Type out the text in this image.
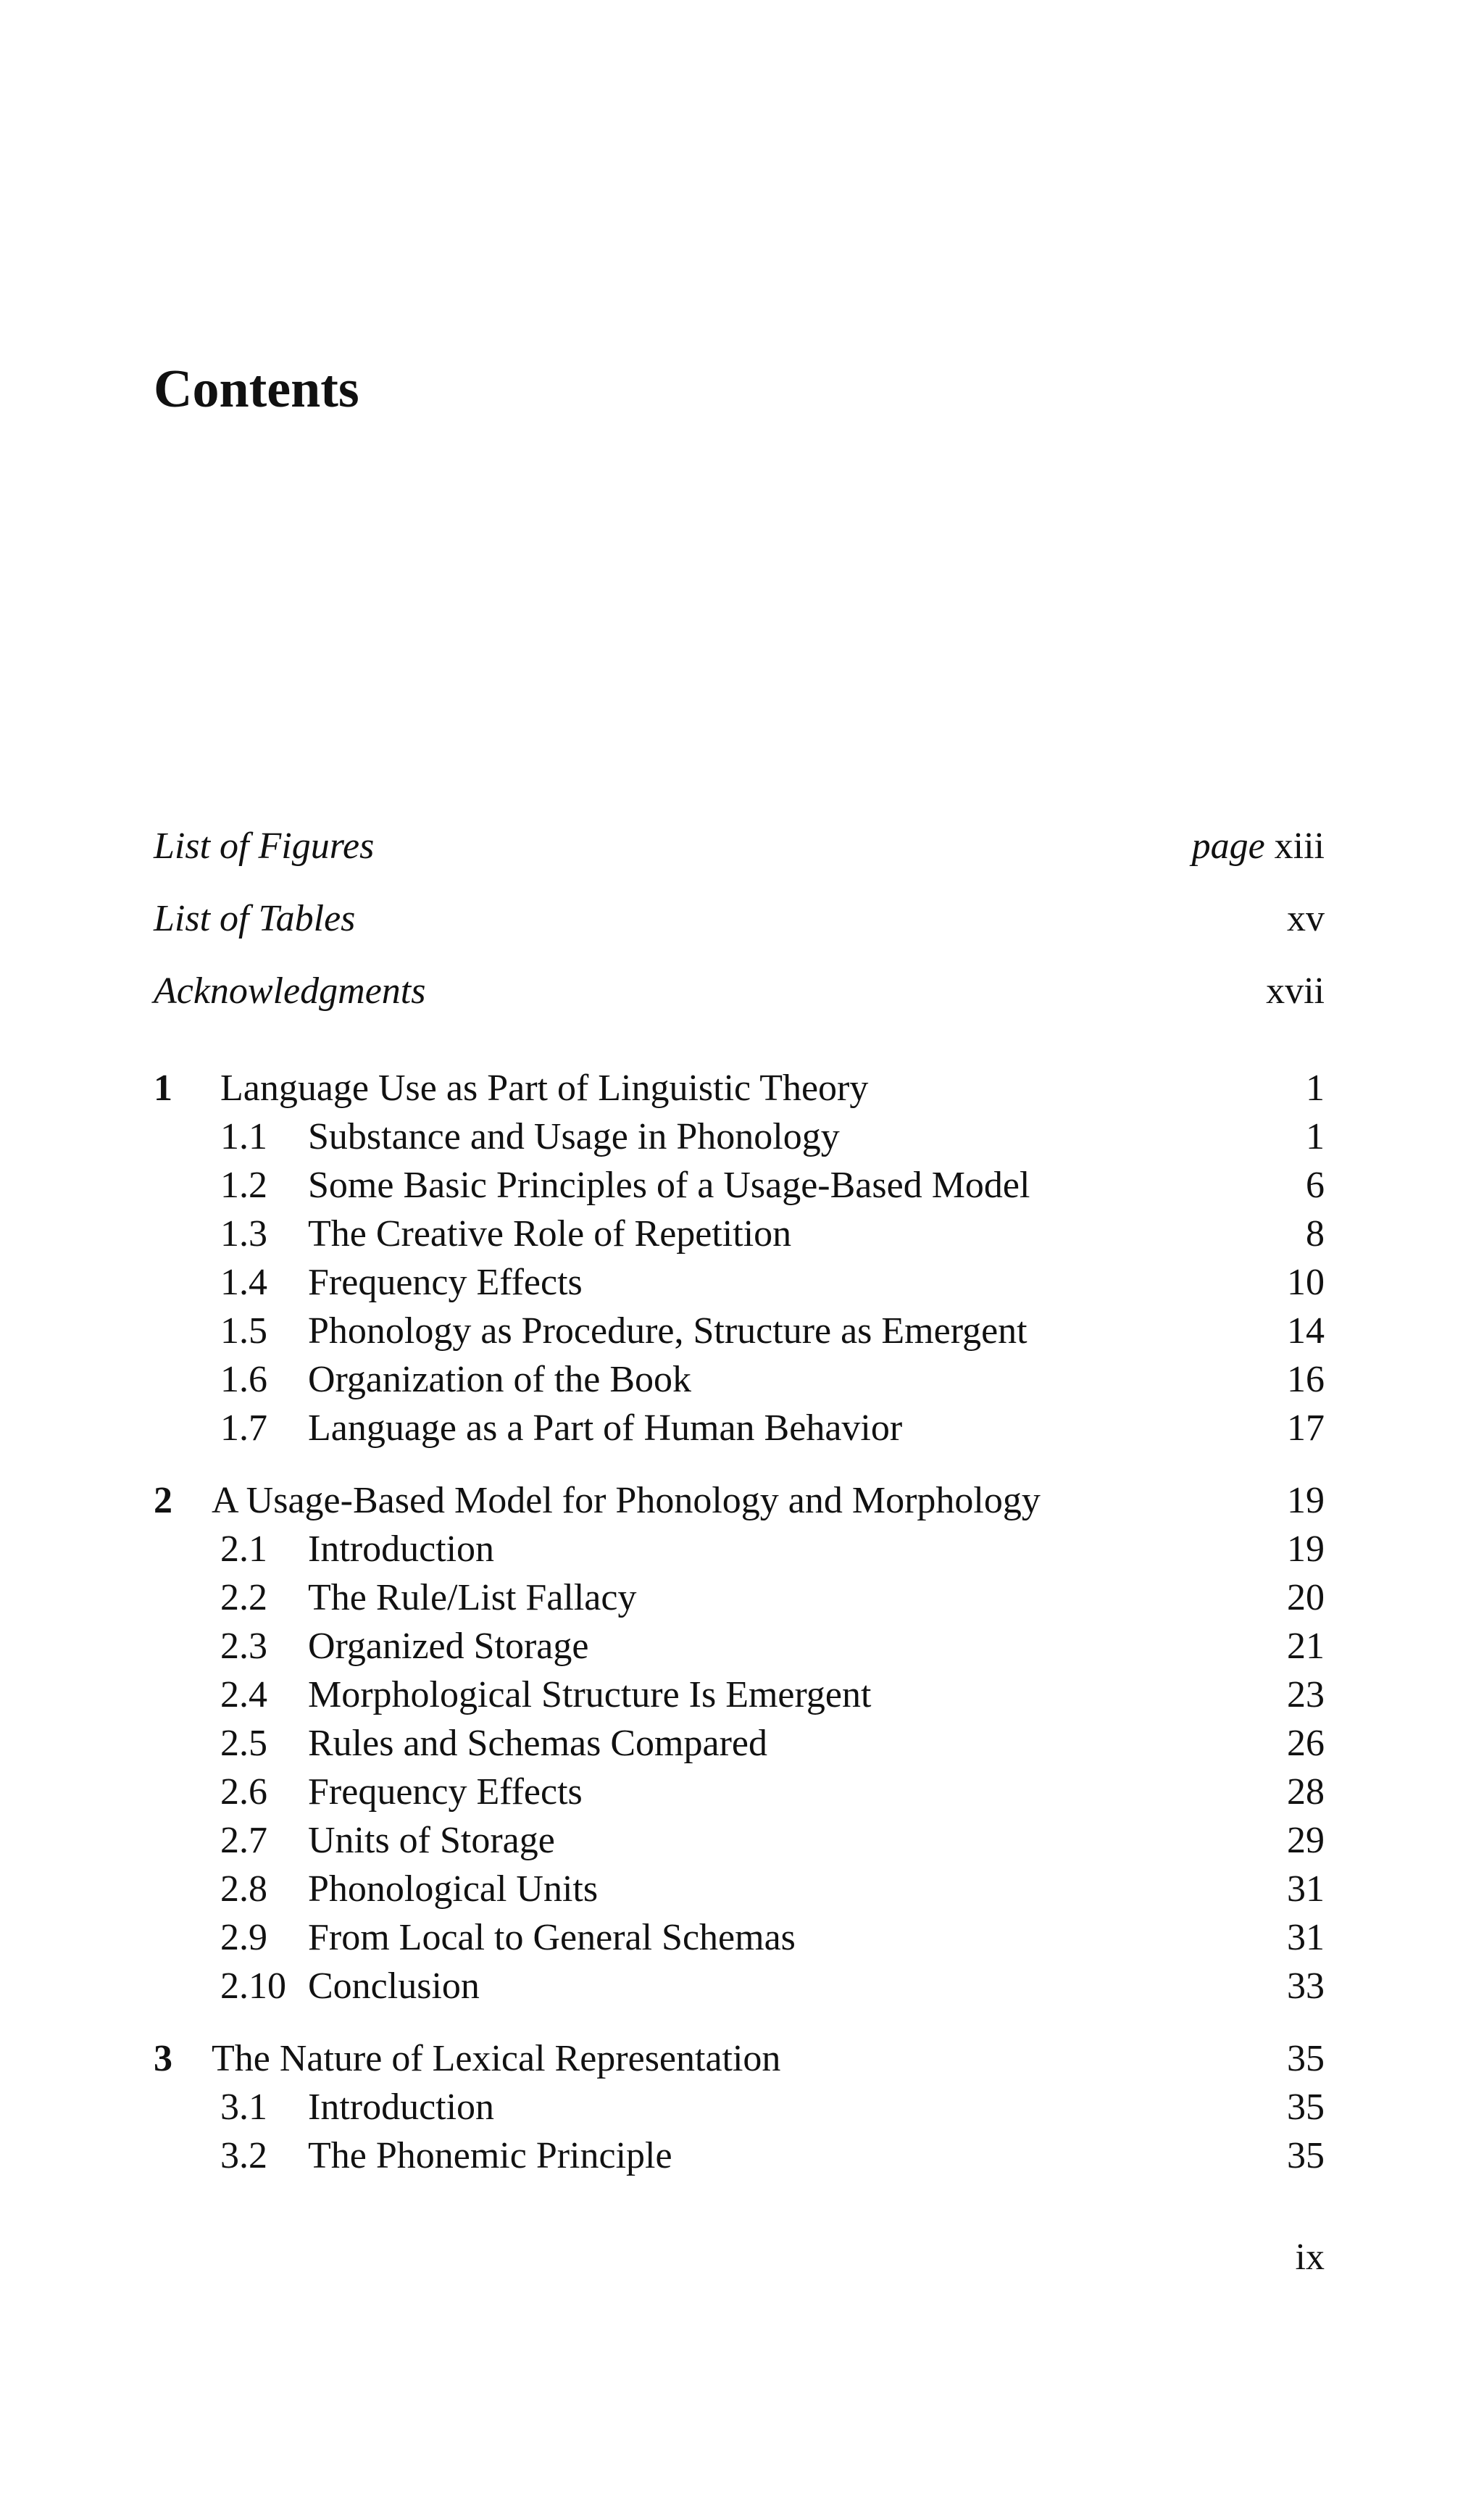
Contents
List of Figures	page xiii
List of Tables	xv
Acknowledgments	xvii
1 Language Use as Part of Linguistic Theory	1
1.1 Substance and Usage in Phonology	1
1.2 Some Basic Principles of a Usage-Based Model	6
1.3 The Creative Role of Repetition	8
1.4 Frequency Effects	10
1.5 Phonology as Procedure, Structure as Emergent	14
1.6 Organization of the Book	16
1.7 Language as a Part of Human Behavior	17
2 A Usage-Based Model for Phonology and Morphology	19
2.1 Introduction	19
2.2 The Rule/List Fallacy	20
2.3 Organized Storage	21
2.4 Morphological Structure Is Emergent	23
2.5 Rules and Schemas Compared	26
2.6 Frequency Effects	28
2.7 Units of Storage	29
2.8 Phonological Units	31
2.9 From Local to General Schemas	31
2.10 Conclusion	33
3 The Nature of Lexical Representation	35
3.1 Introduction	35
3.2 The Phonemic Principle	35
ix
